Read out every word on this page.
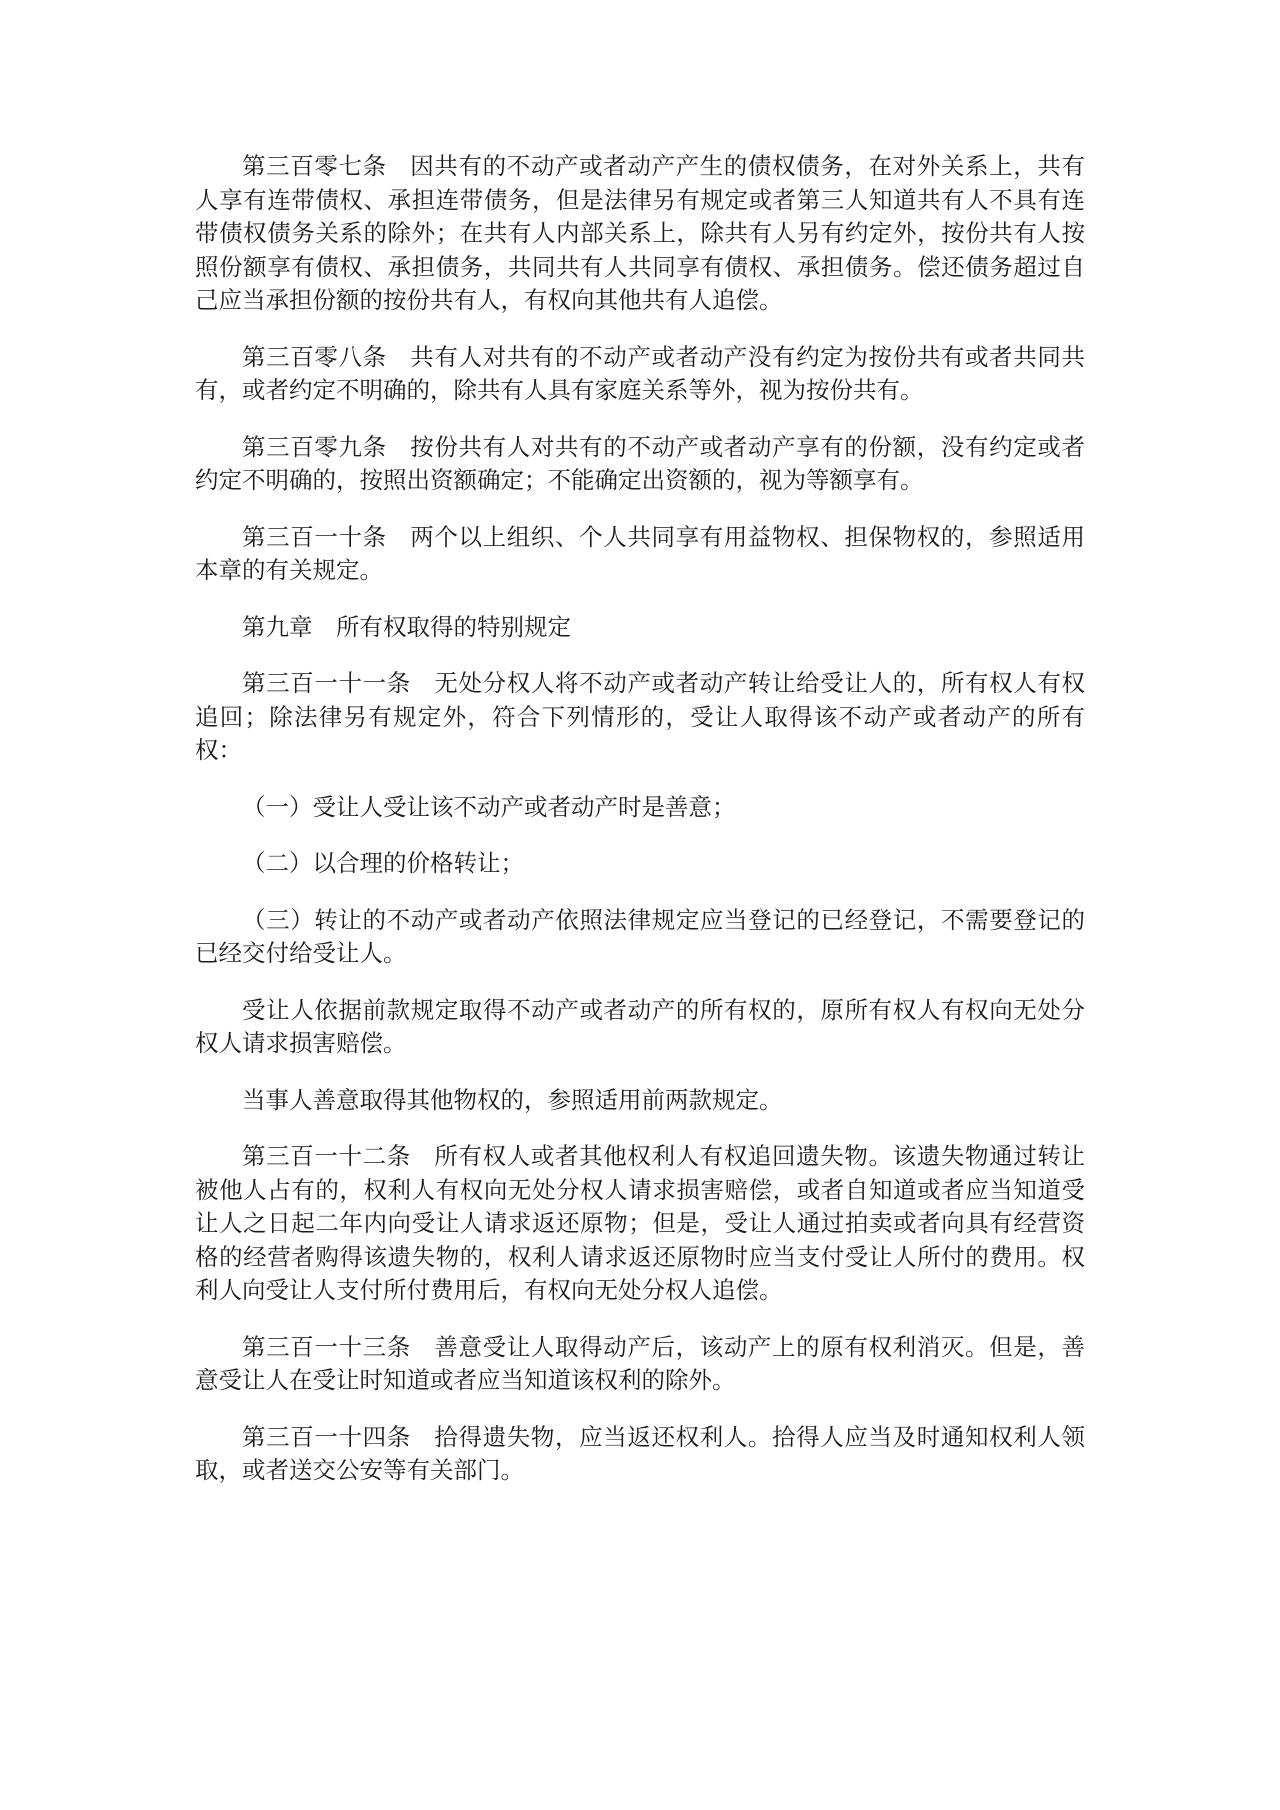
第三百零七条 因共有的不动产或者动产产生的债权债务，在对外关系上，共有人享有连带债权、承担连带债务，但是法律另有规定或者第三人知道共有人不具有连带债权债务关系的除外；在共有人内部关系上，除共有人另有约定外，按份共有人按照份额享有债权、承担债务，共同共有人共同享有债权、承担债务。偿还债务超过自己应当承担份额的按份共有人，有权向其他共有人追偿。

第三百零八条 共有人对共有的不动产或者动产没有约定为按份共有或者共同共有，或者约定不明确的，除共有人具有家庭关系等外，视为按份共有。

第三百零九条 按份共有人对共有的不动产或者动产享有的份额，没有约定或者约定不明确的，按照出资额确定；不能确定出资额的，视为等额享有。

第三百一十条 两个以上组织、个人共同享有用益物权、担保物权的，参照适用本章的有关规定。

第九章 所有权取得的特别规定

第三百一十一条 无处分权人将不动产或者动产转让给受让人的，所有权人有权追回；除法律另有规定外，符合下列情形的，受让人取得该不动产或者动产的所有权：

（一）受让人受让该不动产或者动产时是善意；

（二）以合理的价格转让；

（三）转让的不动产或者动产依照法律规定应当登记的已经登记，不需要登记的已经交付给受让人。

受让人依据前款规定取得不动产或者动产的所有权的，原所有权人有权向无处分权人请求损害赔偿。

当事人善意取得其他物权的，参照适用前两款规定。

第三百一十二条 所有权人或者其他权利人有权追回遗失物。该遗失物通过转让被他人占有的，权利人有权向无处分权人请求损害赔偿，或者自知道或者应当知道受让人之日起二年内向受让人请求返还原物；但是，受让人通过拍卖或者向具有经营资格的经营者购得该遗失物的，权利人请求返还原物时应当支付受让人所付的费用。权利人向受让人支付所付费用后，有权向无处分权人追偿。

第三百一十三条 善意受让人取得动产后，该动产上的原有权利消灭。但是，善意受让人在受让时知道或者应当知道该权利的除外。

第三百一十四条 拾得遗失物，应当返还权利人。拾得人应当及时通知权利人领取，或者送交公安等有关部门。
